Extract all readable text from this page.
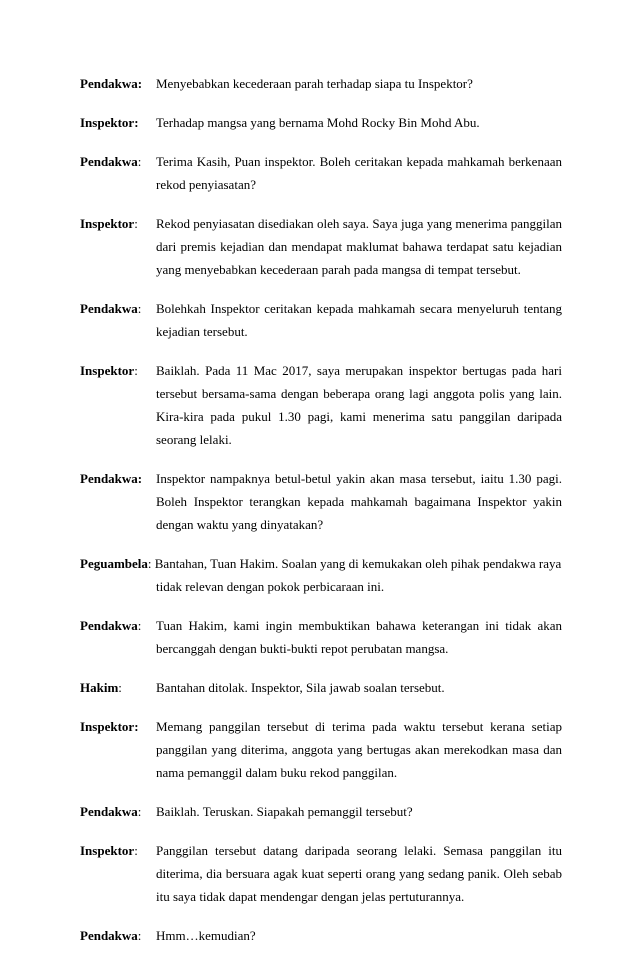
Pendakwa: Menyebabkan kecederaan parah terhadap siapa tu Inspektor?
Inspektor: Terhadap mangsa yang bernama Mohd Rocky Bin Mohd Abu.
Pendakwa: Terima Kasih, Puan inspektor. Boleh ceritakan kepada mahkamah berkenaan
rekod penyiasatan?
Inspektor: Rekod penyiasatan disediakan oleh saya. Saya juga yang menerima panggilan
dari premis kejadian dan mendapat maklumat bahawa terdapat satu kejadian
yang menyebabkan kecederaan parah pada mangsa di tempat tersebut.
Pendakwa: Bolehkah Inspektor ceritakan kepada mahkamah secara menyeluruh tentang
kejadian tersebut.
Inspektor: Baiklah. Pada 11 Mac 2017, saya merupakan inspektor bertugas pada hari
tersebut bersama-sama dengan beberapa orang lagi anggota polis yang lain.
Kira-kira pada pukul 1.30 pagi, kami menerima satu panggilan daripada
seorang lelaki.
Pendakwa: Inspektor nampaknya betul-betul yakin akan masa tersebut, iaitu 1.30 pagi.
Boleh Inspektor terangkan kepada mahkamah bagaimana Inspektor yakin
dengan waktu yang dinyatakan?
Peguambela: Bantahan, Tuan Hakim. Soalan yang di kemukakan oleh pihak pendakwa raya
tidak relevan dengan pokok perbicaraan ini.
Pendakwa: Tuan Hakim, kami ingin membuktikan bahawa keterangan ini tidak akan
bercanggah dengan bukti-bukti repot perubatan mangsa.
Hakim:	Bantahan ditolak. Inspektor, Sila jawab soalan tersebut.
Inspektor: Memang panggilan tersebut di terima pada waktu tersebut kerana setiap
panggilan yang diterima, anggota yang bertugas akan merekodkan masa dan
nama pemanggil dalam buku rekod panggilan.
Pendakwa: Baiklah. Teruskan. Siapakah pemanggil tersebut?
Inspektor: Panggilan tersebut datang daripada seorang lelaki. Semasa panggilan itu
diterima, dia bersuara agak kuat seperti orang yang sedang panik. Oleh sebab
itu saya tidak dapat mendengar dengan jelas pertuturannya.
Pendakwa: Hmm…kemudian?
